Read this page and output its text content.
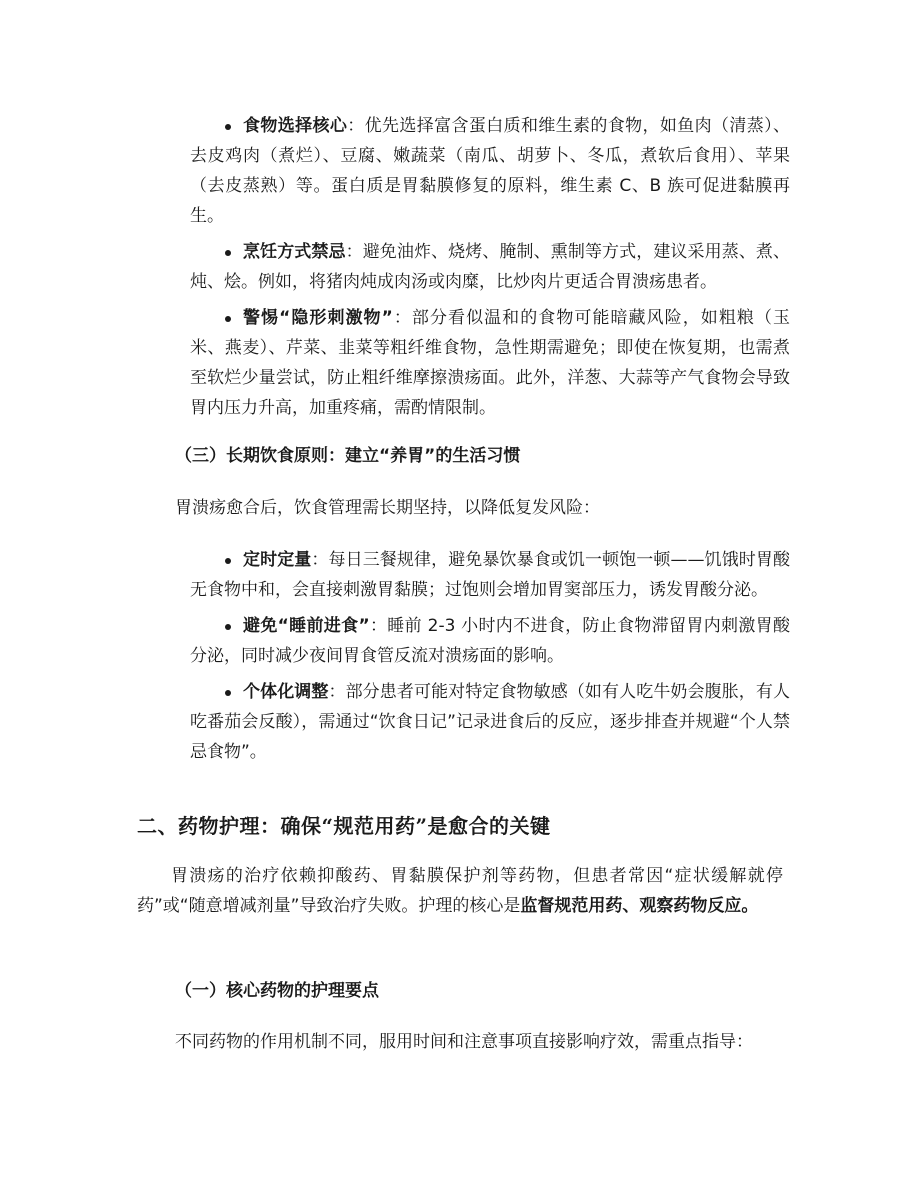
食物选择核心：优先选择富含蛋白质和维生素的食物，如鱼肉（清蒸）、去皮鸡肉（煮烂）、豆腐、嫩蔬菜（南瓜、胡萝卜、冬瓜，煮软后食用）、苹果（去皮蒸熟）等。蛋白质是胃黏膜修复的原料，维生素 C、B 族可促进黏膜再生。
烹饪方式禁忌：避免油炸、烧烤、腌制、熏制等方式，建议采用蒸、煮、炖、烩。例如，将猪肉炖成肉汤或肉糜，比炒肉片更适合胃溃疡患者。
警惕“隐形刺激物”：部分看似温和的食物可能暗藏风险，如粗粮（玉米、燕麦）、芹菜、韭菜等粗纤维食物，急性期需避免；即使在恢复期，也需煮至软烂少量尝试，防止粗纤维摩擦溃疡面。此外，洋葱、大蒜等产气食物会导致胃内压力升高，加重疼痛，需酌情限制。

（三）长期饮食原则：建立“养胃”的生活习惯

胃溃疡愈合后，饮食管理需长期坚持，以降低复发风险：

定时定量：每日三餐规律，避免暴饮暴食或饥一顿饱一顿——饥饿时胃酸无食物中和，会直接刺激胃黏膜；过饱则会增加胃窦部压力，诱发胃酸分泌。
避免“睡前进食”：睡前 2-3 小时内不进食，防止食物滞留胃内刺激胃酸分泌，同时减少夜间胃食管反流对溃疡面的影响。
个体化调整：部分患者可能对特定食物敏感（如有人吃牛奶会腹胀，有人吃番茄会反酸），需通过“饮食日记”记录进食后的反应，逐步排查并规避“个人禁忌食物”。

二、药物护理：确保“规范用药”是愈合的关键

胃溃疡的治疗依赖抑酸药、胃黏膜保护剂等药物，但患者常因“症状缓解就停药”或“随意增减剂量”导致治疗失败。护理的核心是监督规范用药、观察药物反应。

（一）核心药物的护理要点

不同药物的作用机制不同，服用时间和注意事项直接影响疗效，需重点指导：
